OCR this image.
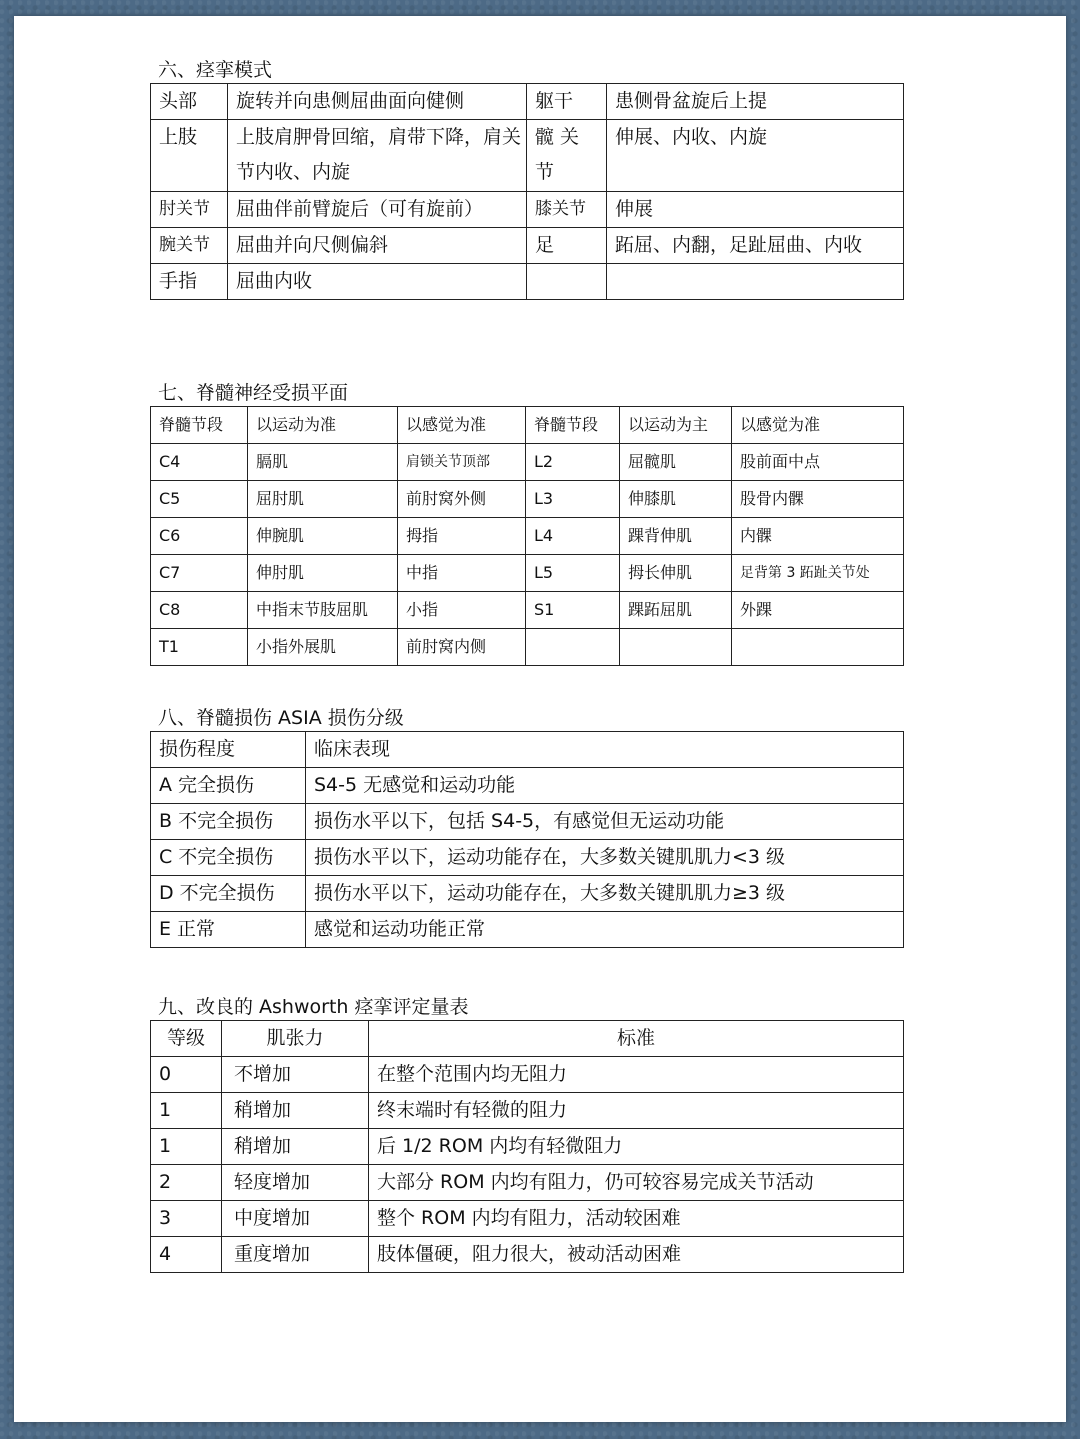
六、痉挛模式
头部	旋转并向患侧屈曲面向健侧	躯干	患侧骨盆旋后上提
上肢	上肢肩胛骨回缩，肩带下降，肩关节内收、内旋	髋 关节	伸展、内收、内旋
肘关节	屈曲伴前臂旋后（可有旋前）	膝关节	伸展
腕关节	屈曲并向尺侧偏斜	足	跖屈、内翻，足趾屈曲、内收
手指	屈曲内收		
七、脊髓神经受损平面
脊髓节段	以运动为准	以感觉为准	脊髓节段	以运动为主	以感觉为准
C4	膈肌	肩锁关节顶部	L2	屈髋肌	股前面中点
C5	屈肘肌	前肘窝外侧	L3	伸膝肌	股骨内髁
C6	伸腕肌	拇指	L4	踝背伸肌	内髁
C7	伸肘肌	中指	L5	拇长伸肌	足背第 3 跖趾关节处
C8	中指末节肢屈肌	小指	S1	踝跖屈肌	外踝
T1	小指外展肌	前肘窝内侧			
八、脊髓损伤 ASIA 损伤分级
损伤程度	临床表现
A 完全损伤	S4-5 无感觉和运动功能
B 不完全损伤	损伤水平以下，包括 S4-5，有感觉但无运动功能
C 不完全损伤	损伤水平以下，运动功能存在，大多数关键肌肌力<3 级
D 不完全损伤	损伤水平以下，运动功能存在，大多数关键肌肌力≥3 级
E 正常	感觉和运动功能正常
九、改良的 Ashworth 痉挛评定量表
等级	肌张力	标准
0	不增加	在整个范围内均无阻力
1	稍增加	终末端时有轻微的阻力
1	稍增加	后 1/2 ROM 内均有轻微阻力
2	轻度增加	大部分 ROM 内均有阻力，仍可较容易完成关节活动
3	中度增加	整个 ROM 内均有阻力，活动较困难
4	重度增加	肢体僵硬，阻力很大，被动活动困难
